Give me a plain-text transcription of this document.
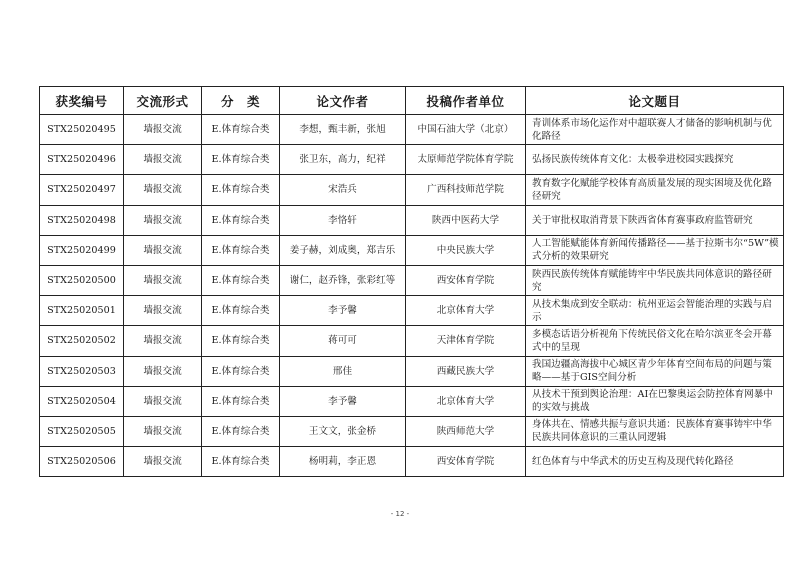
获奖编号	交流形式	分　类	论文作者	投稿作者单位	论文题目
STX25020495	墙报交流	E.体育综合类	李想，甄丰新，张旭	中国石油大学（北京）	青训体系市场化运作对中超联赛人才储备的影响机制与优化路径
STX25020496	墙报交流	E.体育综合类	张卫东，高力，纪祥	太原师范学院体育学院	弘扬民族传统体育文化：太极拳进校园实践探究
STX25020497	墙报交流	E.体育综合类	宋浩兵	广西科技师范学院	教育数字化赋能学校体育高质量发展的现实困境及优化路径研究
STX25020498	墙报交流	E.体育综合类	李恪轩	陕西中医药大学	关于审批权取消背景下陕西省体育赛事政府监管研究
STX25020499	墙报交流	E.体育综合类	姜子赫，刘成奥，郑吉乐	中央民族大学	人工智能赋能体育新闻传播路径——基于拉斯韦尔“5W”模式分析的效果研究
STX25020500	墙报交流	E.体育综合类	谢仁，赵乔锋，张彩红等	西安体育学院	陕西民族传统体育赋能铸牢中华民族共同体意识的路径研究
STX25020501	墙报交流	E.体育综合类	李予馨	北京体育大学	从技术集成到安全联动：杭州亚运会智能治理的实践与启示
STX25020502	墙报交流	E.体育综合类	蒋可可	天津体育学院	多模态话语分析视角下传统民俗文化在哈尔滨亚冬会开幕式中的呈现
STX25020503	墙报交流	E.体育综合类	邢佳	西藏民族大学	我国边疆高海拔中心城区青少年体育空间布局的问题与策略——基于GIS空间分析
STX25020504	墙报交流	E.体育综合类	李予馨	北京体育大学	从技术干预到舆论治理：AI在巴黎奥运会防控体育网暴中的实效与挑战
STX25020505	墙报交流	E.体育综合类	王文文，张金桥	陕西师范大学	身体共在、情感共振与意识共通：民族体育赛事铸牢中华民族共同体意识的三重认同逻辑
STX25020506	墙报交流	E.体育综合类	杨明莉，李正恩	西安体育学院	红色体育与中华武术的历史互构及现代转化路径
- 12 -
